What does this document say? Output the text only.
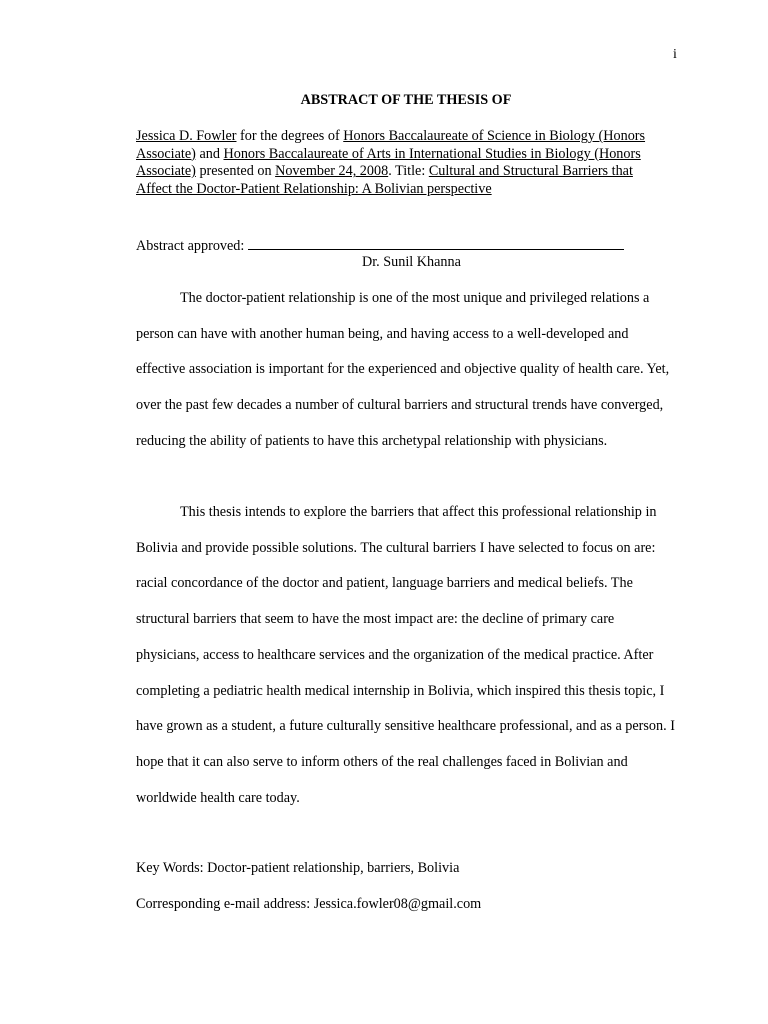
i
ABSTRACT OF THE THESIS OF
Jessica D. Fowler for the degrees of Honors Baccalaureate of Science in Biology (Honors Associate) and Honors Baccalaureate of Arts in International Studies in Biology (Honors Associate) presented on November 24, 2008. Title: Cultural and Structural Barriers that Affect the Doctor-Patient Relationship: A Bolivian perspective
Abstract approved:
Dr. Sunil Khanna
The doctor-patient relationship is one of the most unique and privileged relations a person can have with another human being, and having access to a well-developed and effective association is important for the experienced and objective quality of health care. Yet, over the past few decades a number of cultural barriers and structural trends have converged, reducing the ability of patients to have this archetypal relationship with physicians.
This thesis intends to explore the barriers that affect this professional relationship in Bolivia and provide possible solutions. The cultural barriers I have selected to focus on are: racial concordance of the doctor and patient, language barriers and medical beliefs. The structural barriers that seem to have the most impact are: the decline of primary care physicians, access to healthcare services and the organization of the medical practice. After completing a pediatric health medical internship in Bolivia, which inspired this thesis topic, I have grown as a student, a future culturally sensitive healthcare professional, and as a person. I hope that it can also serve to inform others of the real challenges faced in Bolivian and worldwide health care today.
Key Words: Doctor-patient relationship, barriers, Bolivia
Corresponding e-mail address: Jessica.fowler08@gmail.com
